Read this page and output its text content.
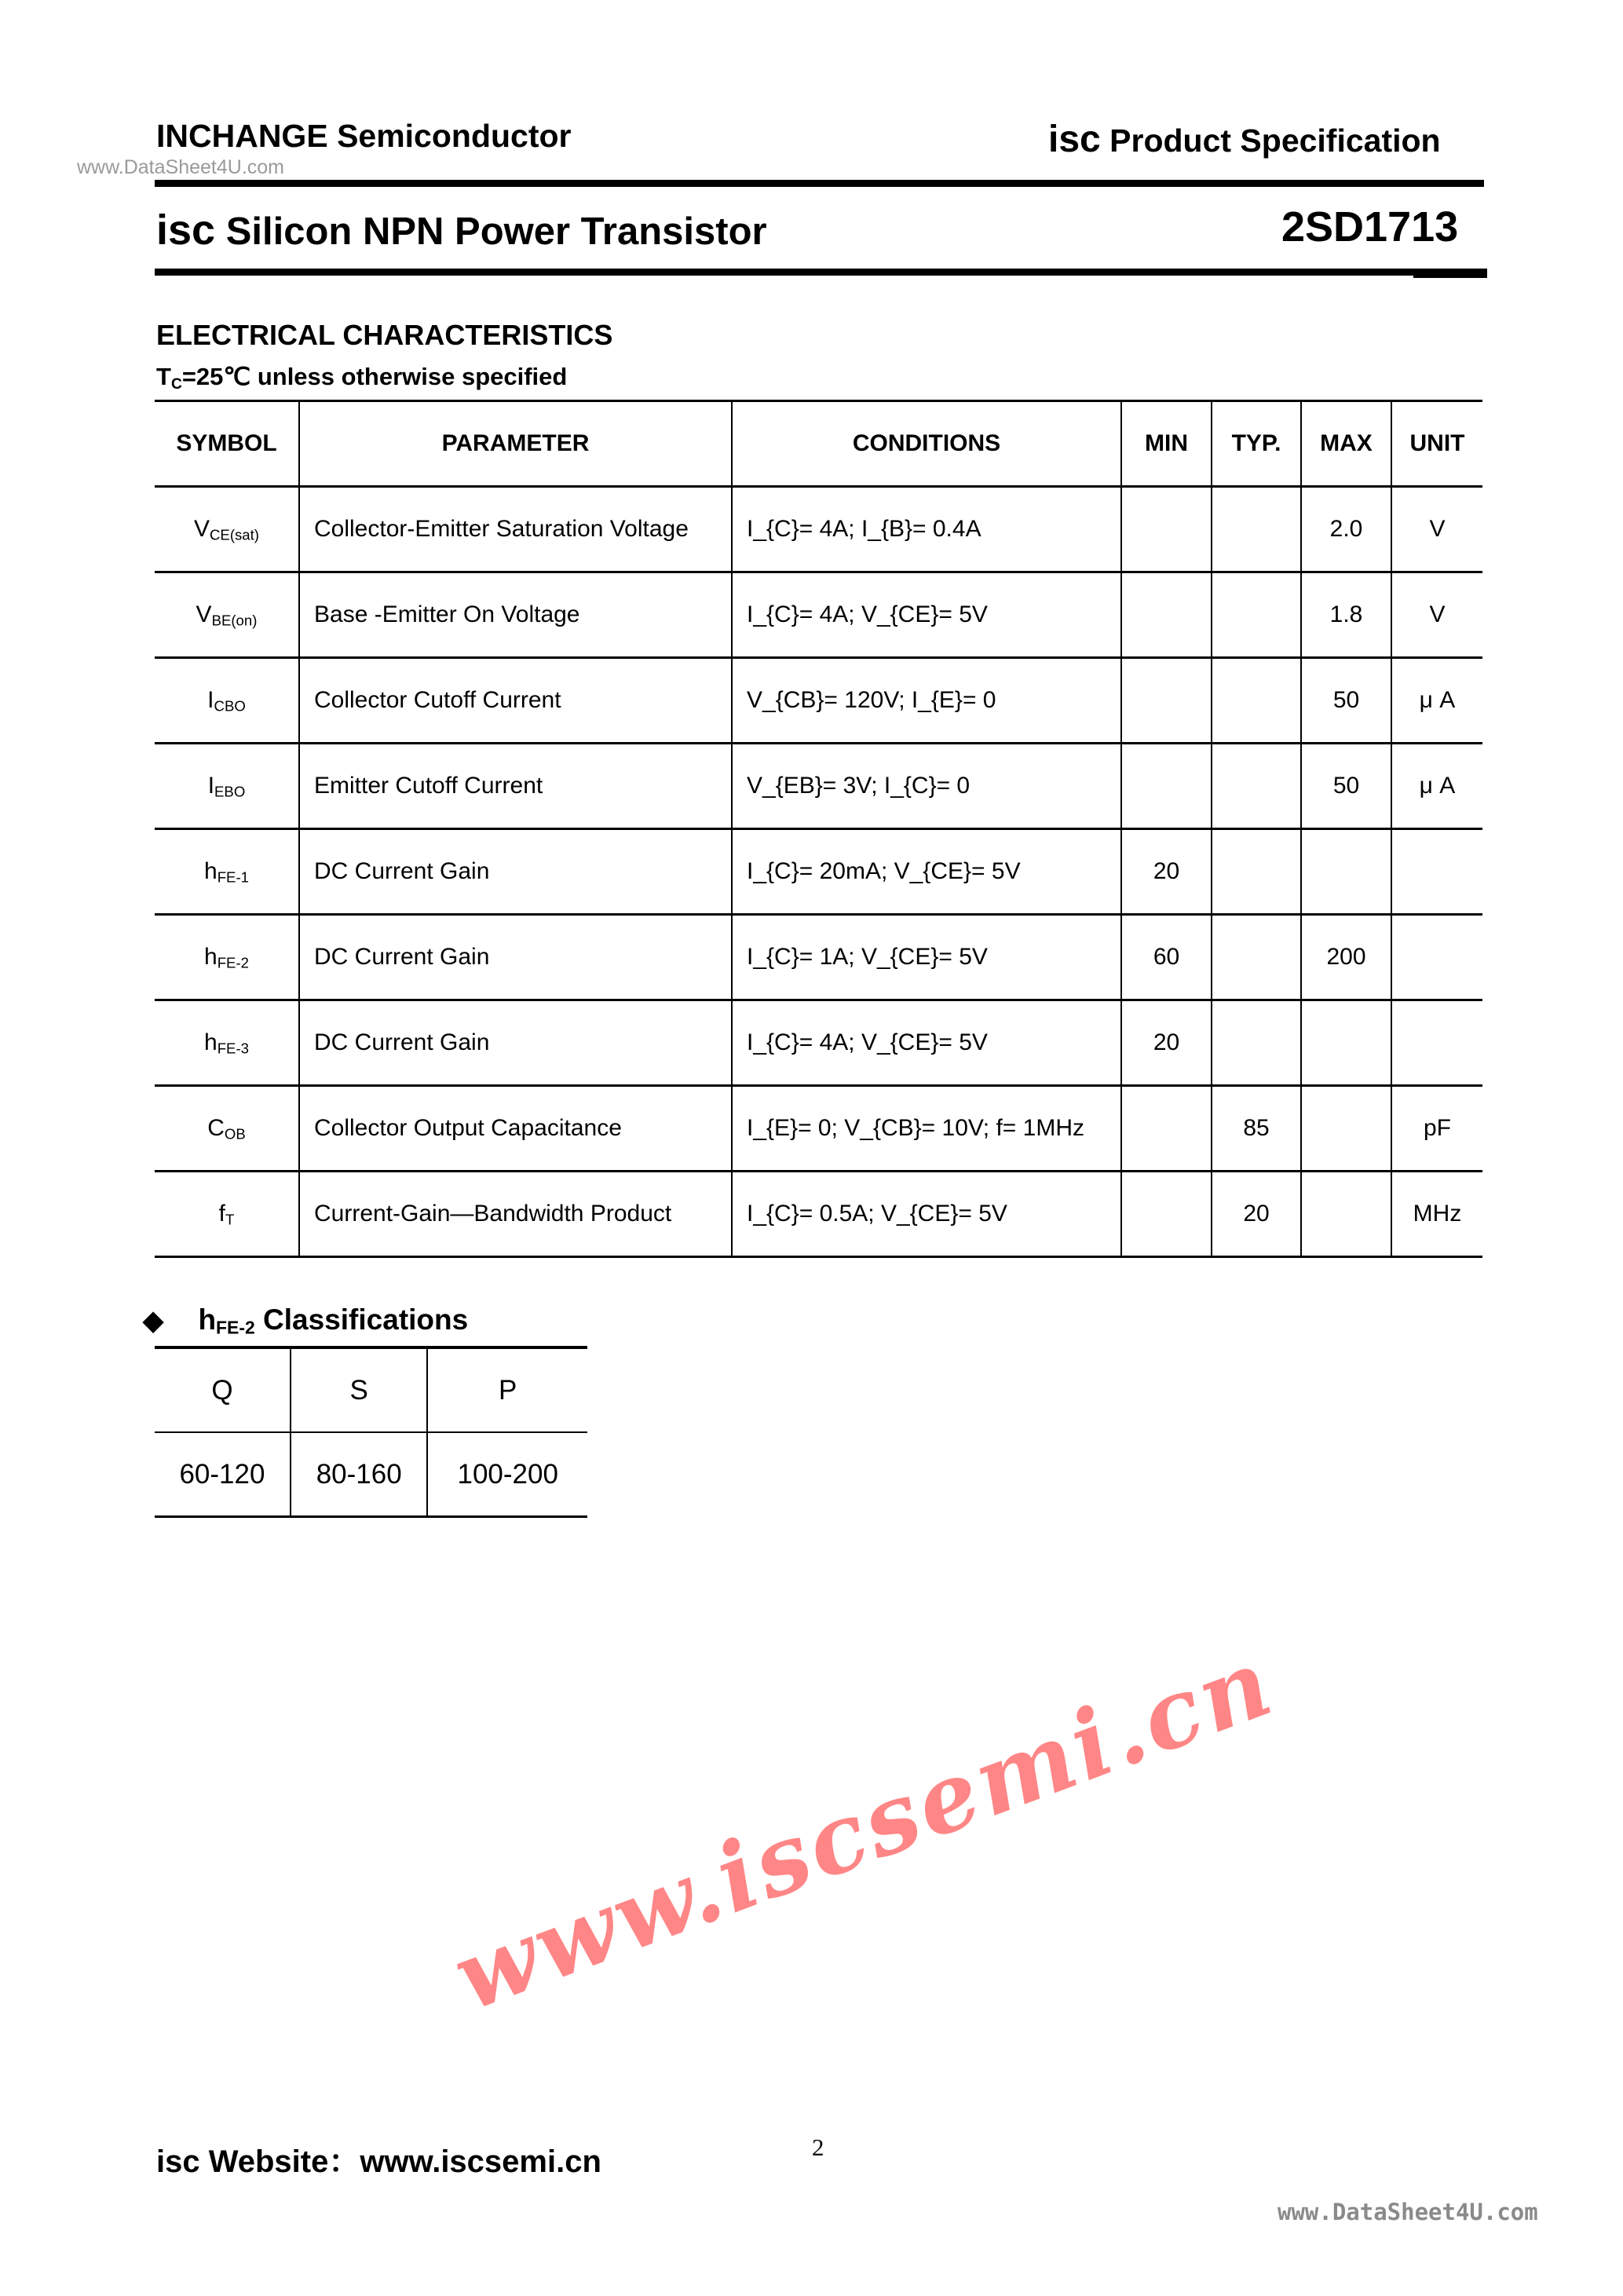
INCHANGE Semiconductor
www.DataSheet4U.com
isc Product Specification
isc Silicon NPN Power Transistor	2SD1713
ELECTRICAL CHARACTERISTICS
$T_C=25℃$ unless otherwise specified
SYMBOL	PARAMETER	CONDITIONS	MIN	TYP.	MAX	UNIT
$V_{CE(sat)}$	Collector-Emitter Saturation Voltage	I_{C}= 4A; I_{B}= 0.4A			2.0	V
$V_{BE(on)}$	Base -Emitter On Voltage	I_{C}= 4A; V_{CE}= 5V			1.8	V
$I_{CBO}$	Collector Cutoff Current	V_{CB}= 120V; I_{E}= 0			50	μ A
$I_{EBO}$	Emitter Cutoff Current	V_{EB}= 3V; I_{C}= 0			50	μ A
$h_{FE-1}$	DC Current Gain	I_{C}= 20mA; V_{CE}= 5V	20			
$h_{FE-2}$	DC Current Gain	I_{C}= 1A; V_{CE}= 5V	60		200	
$h_{FE-3}$	DC Current Gain	I_{C}= 4A; V_{CE}= 5V	20			
$C_{OB}$	Collector Output Capacitance	I_{E}= 0; V_{CB}= 10V; f= 1MHz		85		pF
$f_T$	Current-Gain—Bandwidth Product	I_{C}= 0.5A; V_{CE}= 5V		20		MHz
◆ $h_{FE-2}$ Classifications
Q	S	P
60-120	80-160	100-200
www.iscsemi.cn
isc Website：www.iscsemi.cn	2
www.DataSheet4U.com
